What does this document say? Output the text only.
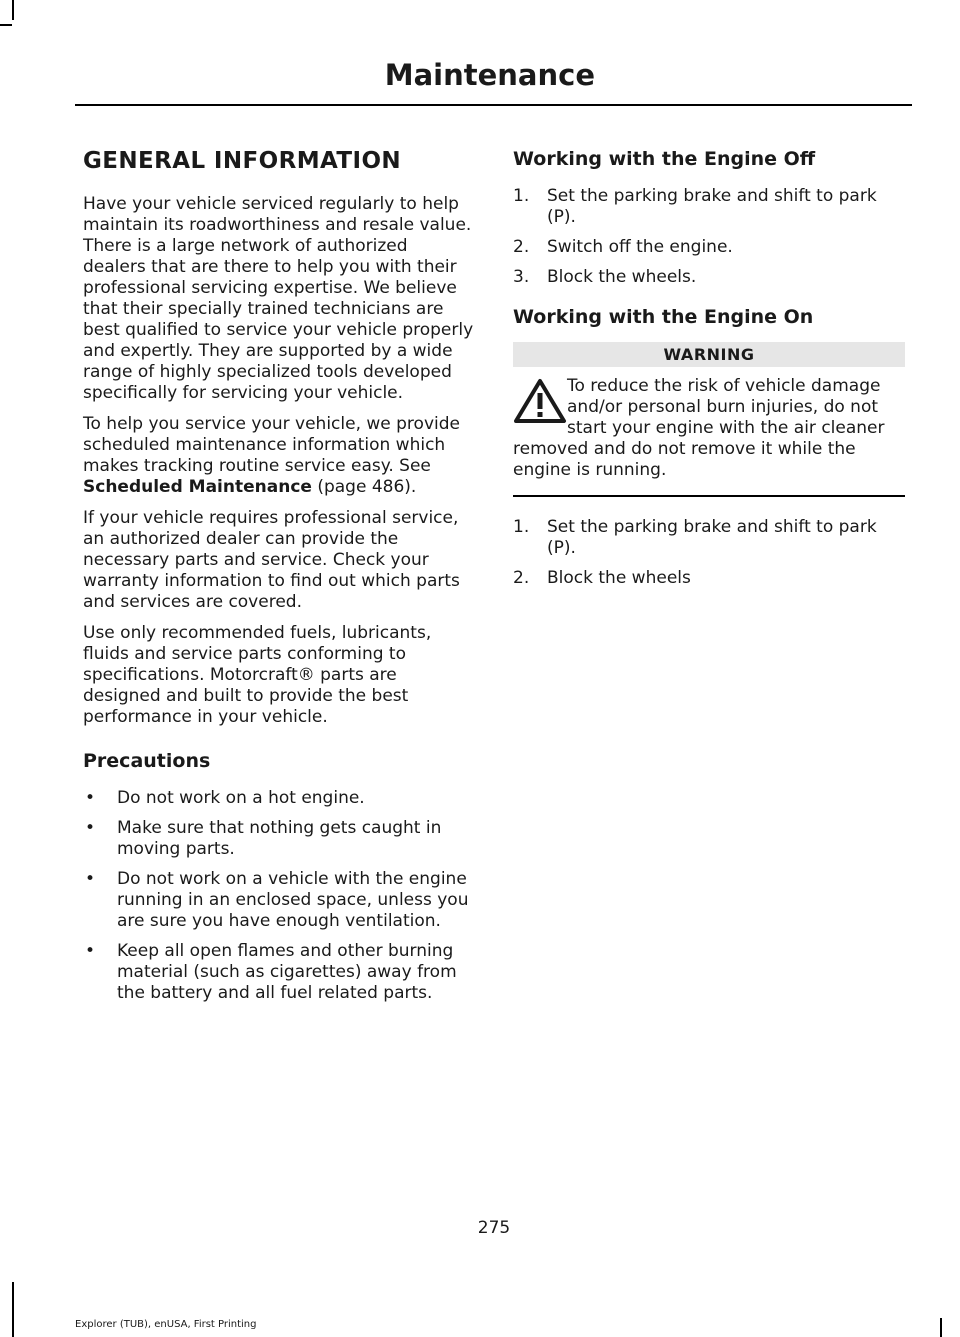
Maintenance
GENERAL INFORMATION

Have your vehicle serviced regularly to help maintain its roadworthiness and resale value. There is a large network of authorized dealers that are there to help you with their professional servicing expertise. We believe that their specially trained technicians are best qualified to service your vehicle properly and expertly. They are supported by a wide range of highly specialized tools developed specifically for servicing your vehicle.

To help you service your vehicle, we provide scheduled maintenance information which makes tracking routine service easy. See Scheduled Maintenance (page 486).

If your vehicle requires professional service, an authorized dealer can provide the necessary parts and service. Check your warranty information to find out which parts and services are covered.

Use only recommended fuels, lubricants, fluids and service parts conforming to specifications. Motorcraft® parts are designed and built to provide the best performance in your vehicle.

Precautions
• Do not work on a hot engine.
• Make sure that nothing gets caught in moving parts.
• Do not work on a vehicle with the engine running in an enclosed space, unless you are sure you have enough ventilation.
• Keep all open flames and other burning material (such as cigarettes) away from the battery and all fuel related parts.
Working with the Engine Off
1. Set the parking brake and shift to park (P).
2. Switch off the engine.
3. Block the wheels.
Working with the Engine On
WARNING
To reduce the risk of vehicle damage and/or personal burn injuries, do not start your engine with the air cleaner removed and do not remove it while the engine is running.
1. Set the parking brake and shift to park (P).
2. Block the wheels

275

Explorer (TUB), enUSA, First Printing
